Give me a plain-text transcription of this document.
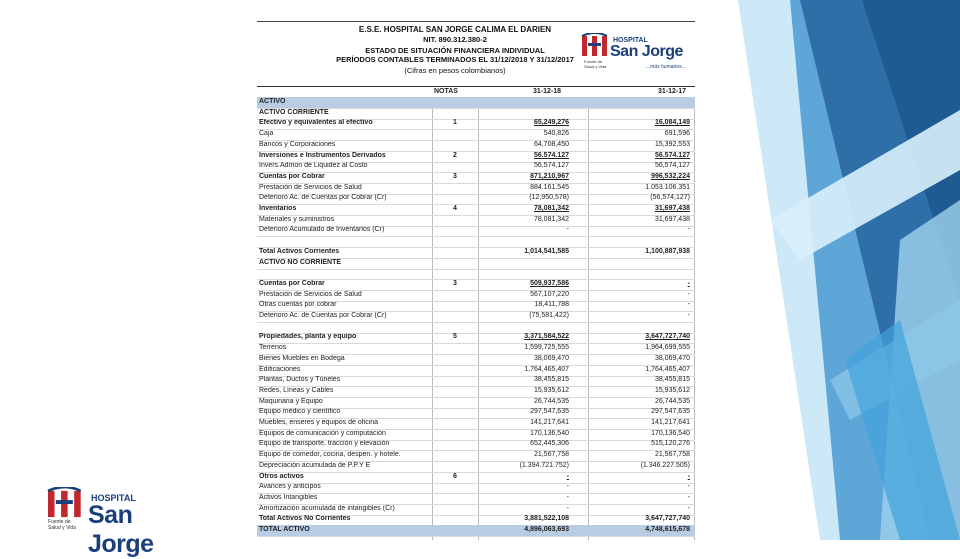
E.S.E. HOSPITAL SAN JORGE CALIMA EL DARIEN
NIT. 890.312.380-2
ESTADO DE SITUACIÓN FINANCIERA INDIVIDUAL
PERÍODOS CONTABLES TERMINADOS EL 31/12/2018 Y 31/12/2017
(Cifras en pesos colombianos)
Fuente de
Salud y Vida
HOSPITAL
San Jorge
...más humanos...
NOTAS	31-12-18	31-12-17
ACTIVO
ACTIVO CORRIENTE
Efectivo y equivalentes al efectivo	1	65,249,276	16,084,149
Caja	540,826	691,596
Bancos y Corporaciones	64,708,450	15,392,553
Inversiones e Instrumentos Derivados	2	56.574.127	56.574.127
Invers.Admon de Liquidez al Costo	56,574,127	56,574,127
Cuentas por Cobrar	3	871,210,967	996,532,224
Prestación de Servicios de Salud	884.161.545	1.053.106.351
Deterioro Ac. de Cuentas por Cobrar (Cr)	(12,950,578)	(56,574,127)
Inventarios	4	78,081,342	31,697,438
Materiales y suministros	78,081,342	31,697,438
Deterioro Acumulado de Inventarios (Cr)	-	-
Total Activos Corrientes	1,014,541,585	1,100,887,938
ACTIVO NO CORRIENTE
Cuentas por Cobrar	3	509,937,586	-
Prestación de Servicios de Salud	567,107,220	-
Otras cuentas por cobrar	18,411,788	-
Deterioro Ac. de Cuentas por Cobrar (Cr)	(75,581,422)	-
Propiedades, planta y equipo	5	3,371,584,522	3,647,727,740
Terrenos	1,599,725,555	1,964,699,555
Bienes Muebles en Bodega	38,069,470	38,069,470
Edificaciones	1,764,465,407	1,764,465,407
Plantas, Ductos y Túneles	38,455,815	38,455,815
Redes, Líneas y Cables	15,935,612	15,935,612
Maquinaria y Equipo	26,744,535	26,744,535
Equipo médico y científico	297,547,635	297,547,635
Muebles, enseres y equipos de oficina	141,217,641	141,217,641
Equipos de comunicación y computación	170,136,540	170,136,540
Equipo de transporte, tracción y elevación	652,445,306	515,120,276
Equipo de comedor, cocina, despen. y hotele.	21,567,758	21,567,758
Depreciación acumulada de P.P.Y E	(1.394.721.752)	(1.346.227.505)
Otros activos	6	-	-
Avances y anticipos	-	-
Activos Intangibles	-	-
Amortización acumulada de intangibles (Cr)	-	-
Total Activos No Corrientes	3,881,522,108	3,647,727,740
TOTAL ACTIVO	4,896,063,693	4,748,615,678
Fuente de
Salud y Vida
HOSPITAL
San Jorge
